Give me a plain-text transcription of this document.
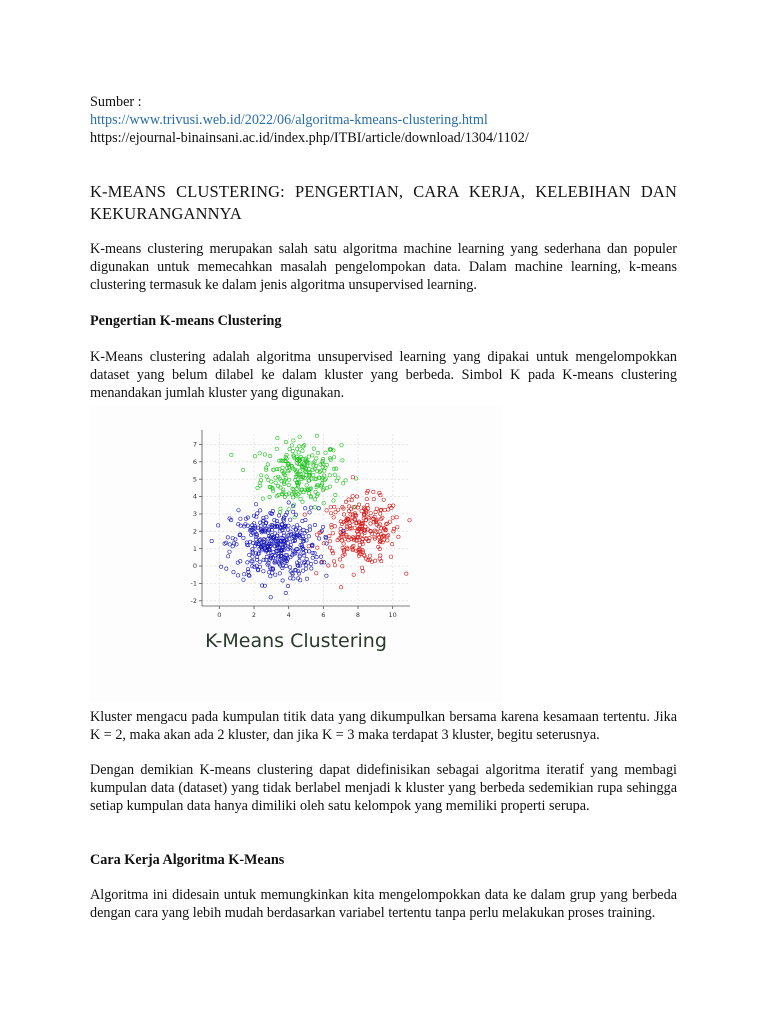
Sumber :
https://www.trivusi.web.id/2022/06/algoritma-kmeans-clustering.html
https://ejournal-binainsani.ac.id/index.php/ITBI/article/download/1304/1102/
K-MEANS CLUSTERING: PENGERTIAN, CARA KERJA, KELEBIHAN DAN KEKURANGANNYA
K-means clustering merupakan salah satu algoritma machine learning yang sederhana dan populer digunakan untuk memecahkan masalah pengelompokan data. Dalam machine learning, k-means clustering termasuk ke dalam jenis algoritma unsupervised learning.
Pengertian K-means Clustering
K-Means clustering adalah algoritma unsupervised learning yang dipakai untuk mengelompokkan dataset yang belum dilabel ke dalam kluster yang berbeda. Simbol K pada K-means clustering menandakan jumlah kluster yang digunakan.
0	2	4	6	8	10
-2
-1
0
1
2
3
4
5
6
7
K-Means Clustering
Kluster mengacu pada kumpulan titik data yang dikumpulkan bersama karena kesamaan tertentu. Jika K = 2, maka akan ada 2 kluster, dan jika K = 3 maka terdapat 3 kluster, begitu seterusnya.
Dengan demikian K-means clustering dapat didefinisikan sebagai algoritma iteratif yang membagi kumpulan data (dataset) yang tidak berlabel menjadi k kluster yang berbeda sedemikian rupa sehingga setiap kumpulan data hanya dimiliki oleh satu kelompok yang memiliki properti serupa.
Cara Kerja Algoritma K-Means
Algoritma ini didesain untuk memungkinkan kita mengelompokkan data ke dalam grup yang berbeda dengan cara yang lebih mudah berdasarkan variabel tertentu tanpa perlu melakukan proses training.
